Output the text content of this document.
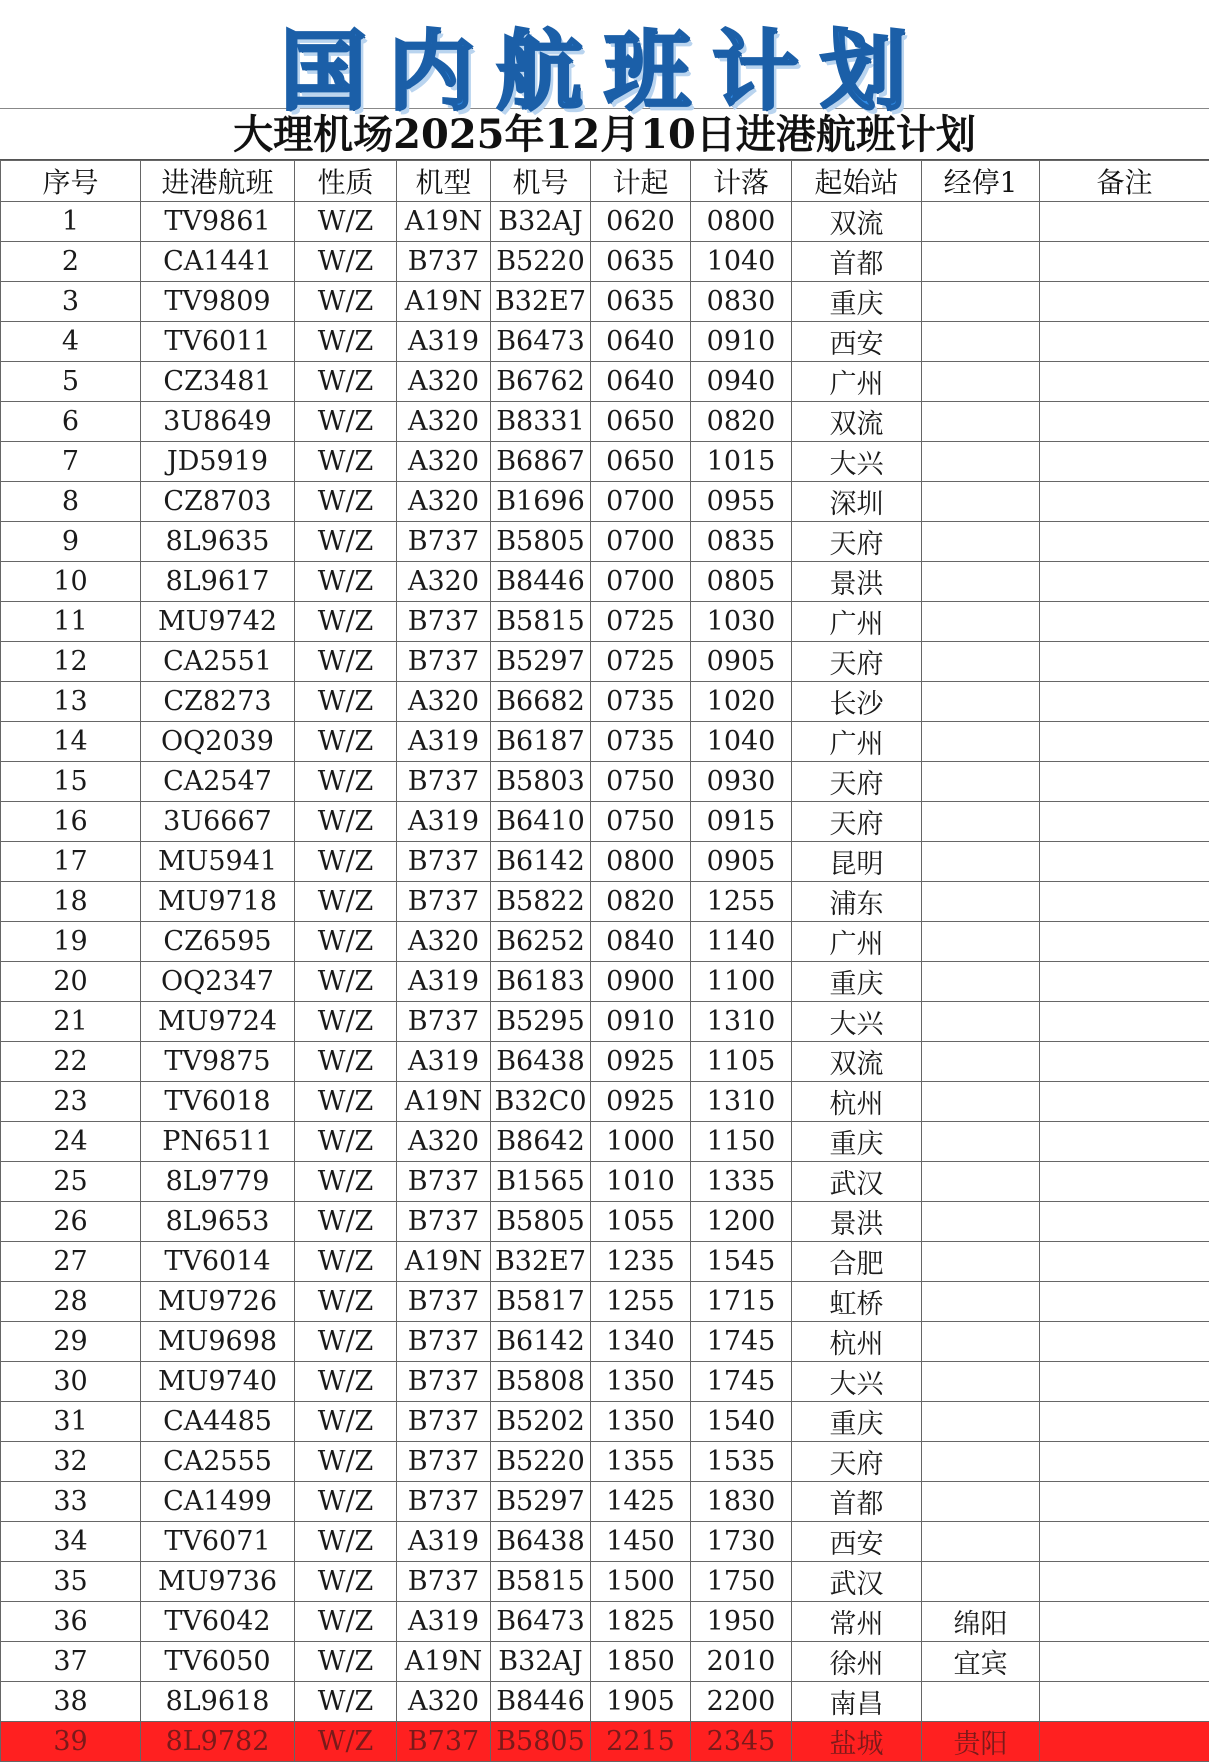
国内航班计划
大理机场2025年12月10日进港航班计划
序号	进港航班	性质	机型	机号	计起	计落	起始站	经停1	备注
1	TV9861	W/Z	A19N	B32AJ	0620	0800	双流		
2	CA1441	W/Z	B737	B5220	0635	1040	首都		
3	TV9809	W/Z	A19N	B32E7	0635	0830	重庆		
4	TV6011	W/Z	A319	B6473	0640	0910	西安		
5	CZ3481	W/Z	A320	B6762	0640	0940	广州		
6	3U8649	W/Z	A320	B8331	0650	0820	双流		
7	JD5919	W/Z	A320	B6867	0650	1015	大兴		
8	CZ8703	W/Z	A320	B1696	0700	0955	深圳		
9	8L9635	W/Z	B737	B5805	0700	0835	天府		
10	8L9617	W/Z	A320	B8446	0700	0805	景洪		
11	MU9742	W/Z	B737	B5815	0725	1030	广州		
12	CA2551	W/Z	B737	B5297	0725	0905	天府		
13	CZ8273	W/Z	A320	B6682	0735	1020	长沙		
14	OQ2039	W/Z	A319	B6187	0735	1040	广州		
15	CA2547	W/Z	B737	B5803	0750	0930	天府		
16	3U6667	W/Z	A319	B6410	0750	0915	天府		
17	MU5941	W/Z	B737	B6142	0800	0905	昆明		
18	MU9718	W/Z	B737	B5822	0820	1255	浦东		
19	CZ6595	W/Z	A320	B6252	0840	1140	广州		
20	OQ2347	W/Z	A319	B6183	0900	1100	重庆		
21	MU9724	W/Z	B737	B5295	0910	1310	大兴		
22	TV9875	W/Z	A319	B6438	0925	1105	双流		
23	TV6018	W/Z	A19N	B32C0	0925	1310	杭州		
24	PN6511	W/Z	A320	B8642	1000	1150	重庆		
25	8L9779	W/Z	B737	B1565	1010	1335	武汉		
26	8L9653	W/Z	B737	B5805	1055	1200	景洪		
27	TV6014	W/Z	A19N	B32E7	1235	1545	合肥		
28	MU9726	W/Z	B737	B5817	1255	1715	虹桥		
29	MU9698	W/Z	B737	B6142	1340	1745	杭州		
30	MU9740	W/Z	B737	B5808	1350	1745	大兴		
31	CA4485	W/Z	B737	B5202	1350	1540	重庆		
32	CA2555	W/Z	B737	B5220	1355	1535	天府		
33	CA1499	W/Z	B737	B5297	1425	1830	首都		
34	TV6071	W/Z	A319	B6438	1450	1730	西安		
35	MU9736	W/Z	B737	B5815	1500	1750	武汉		
36	TV6042	W/Z	A319	B6473	1825	1950	常州	绵阳	
37	TV6050	W/Z	A19N	B32AJ	1850	2010	徐州	宜宾	
38	8L9618	W/Z	A320	B8446	1905	2200	南昌		
39	8L9782	W/Z	B737	B5805	2215	2345	盐城	贵阳	
